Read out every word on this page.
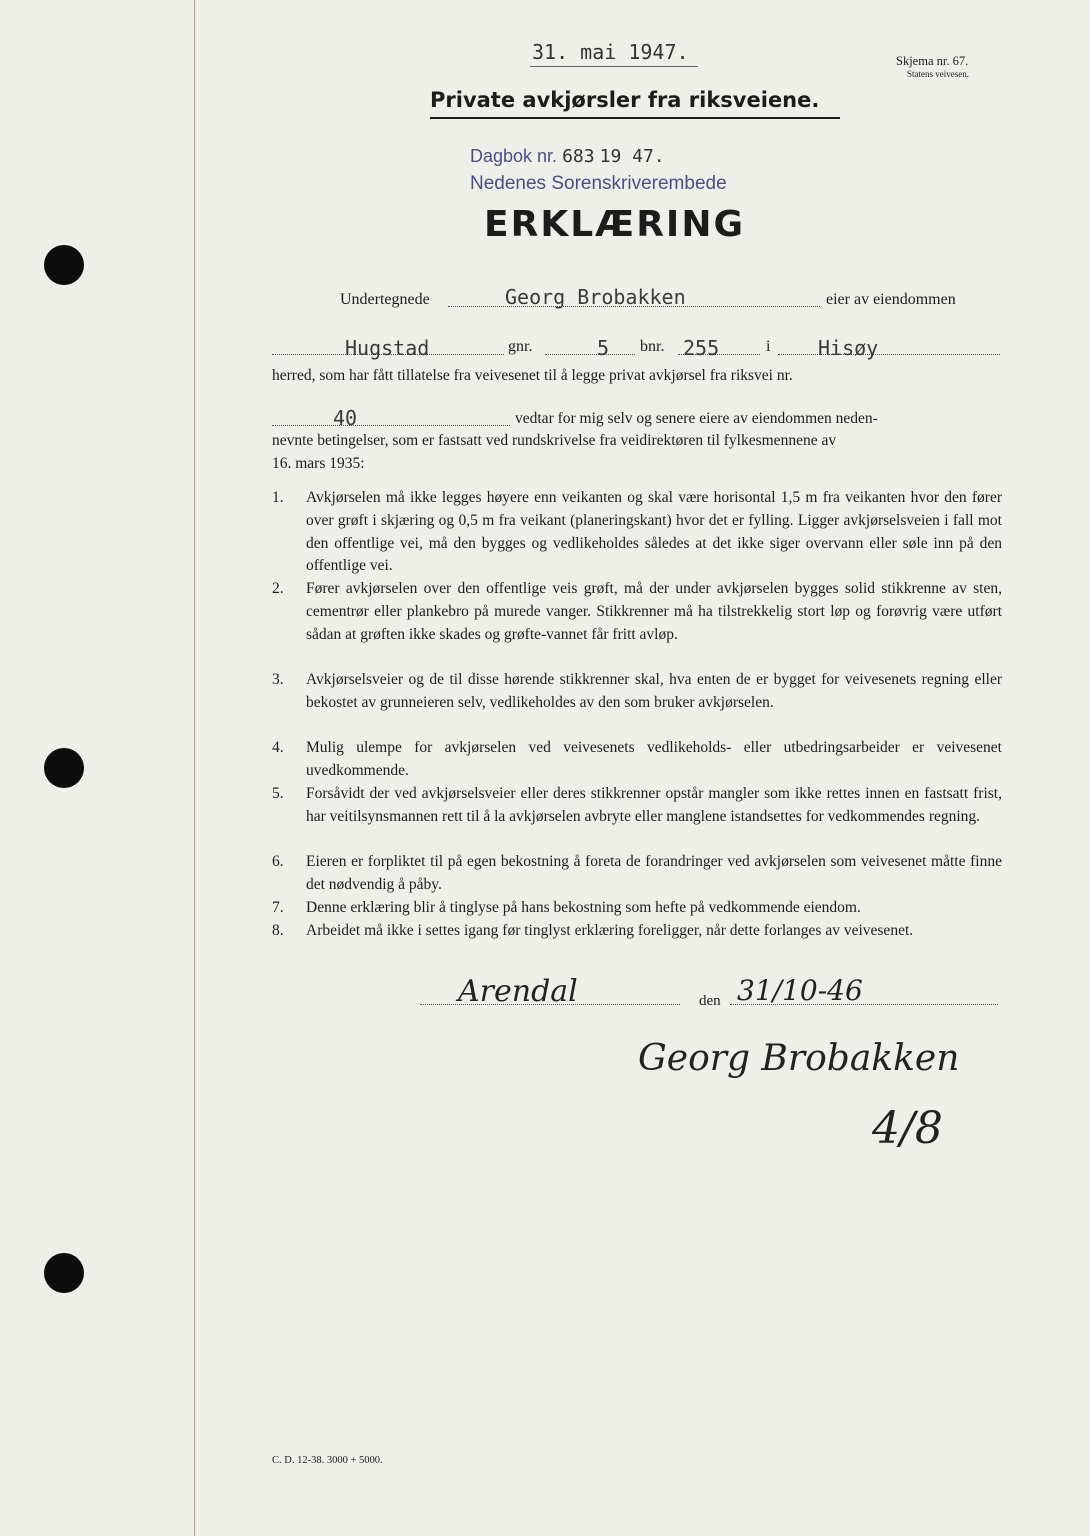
31. mai 1947.	Skjema nr. 67.
Statens veivesen.
Private avkjørsler fra riksveiene.
Dagbok nr. 683 19 47.
Nedenes Sorenskriverembede
ERKLÆRING
Undertegnede	Georg Brobakken	eier av eiendommen
Hugstad	gnr.	5 bnr. 255	i Hisøy
herred, som har fått tillatelse fra veivesenet til å legge privat avkjørsel fra riksvei nr.
40	vedtar for mig selv og senere eiere av eiendommen neden-
nevnte betingelser, som er fastsatt ved rundskrivelse fra veidirektøren til fylkesmennene av
16. mars 1935:
1. Avkjørselen må ikke legges høyere enn veikanten og skal være horisontal 1,5 m fra veikanten hvor den fører over grøft i skjæring og 0,5 m fra veikant (planeringskant) hvor det er fylling. Ligger avkjørselsveien i fall mot den offentlige vei, må den bygges og vedlikeholdes således at det ikke siger overvann eller søle inn på den offentlige vei.
2. Fører avkjørselen over den offentlige veis grøft, må der under avkjørselen bygges solid stikkrenne av sten, cementrør eller plankebro på murede vanger. Stikkrenner må ha tilstrekkelig stort løp og forøvrig være utført sådan at grøften ikke skades og grøfte-vannet får fritt avløp.
3. Avkjørselsveier og de til disse hørende stikkrenner skal, hva enten de er bygget for veivesenets regning eller bekostet av grunneieren selv, vedlikeholdes av den som bruker avkjørselen.
4. Mulig ulempe for avkjørselen ved veivesenets vedlikeholds- eller utbedringsarbeider er veivesenet uvedkommende.
5. Forsåvidt der ved avkjørselsveier eller deres stikkrenner opstår mangler som ikke rettes innen en fastsatt frist, har veitilsynsmannen rett til å la avkjørselen avbryte eller manglene istandsettes for vedkommendes regning.
6. Eieren er forpliktet til på egen bekostning å foreta de forandringer ved avkjørselen som veivesenet måtte finne det nødvendig å påby.
7. Denne erklæring blir å tinglyse på hans bekostning som hefte på vedkommende eiendom.
8. Arbeidet må ikke i settes igang før tinglyst erklæring foreligger, når dette forlanges av veivesenet.
Arendal	den 31/10-46
Georg Brobakken
4/8
C. D. 12-38. 3000 + 5000.
